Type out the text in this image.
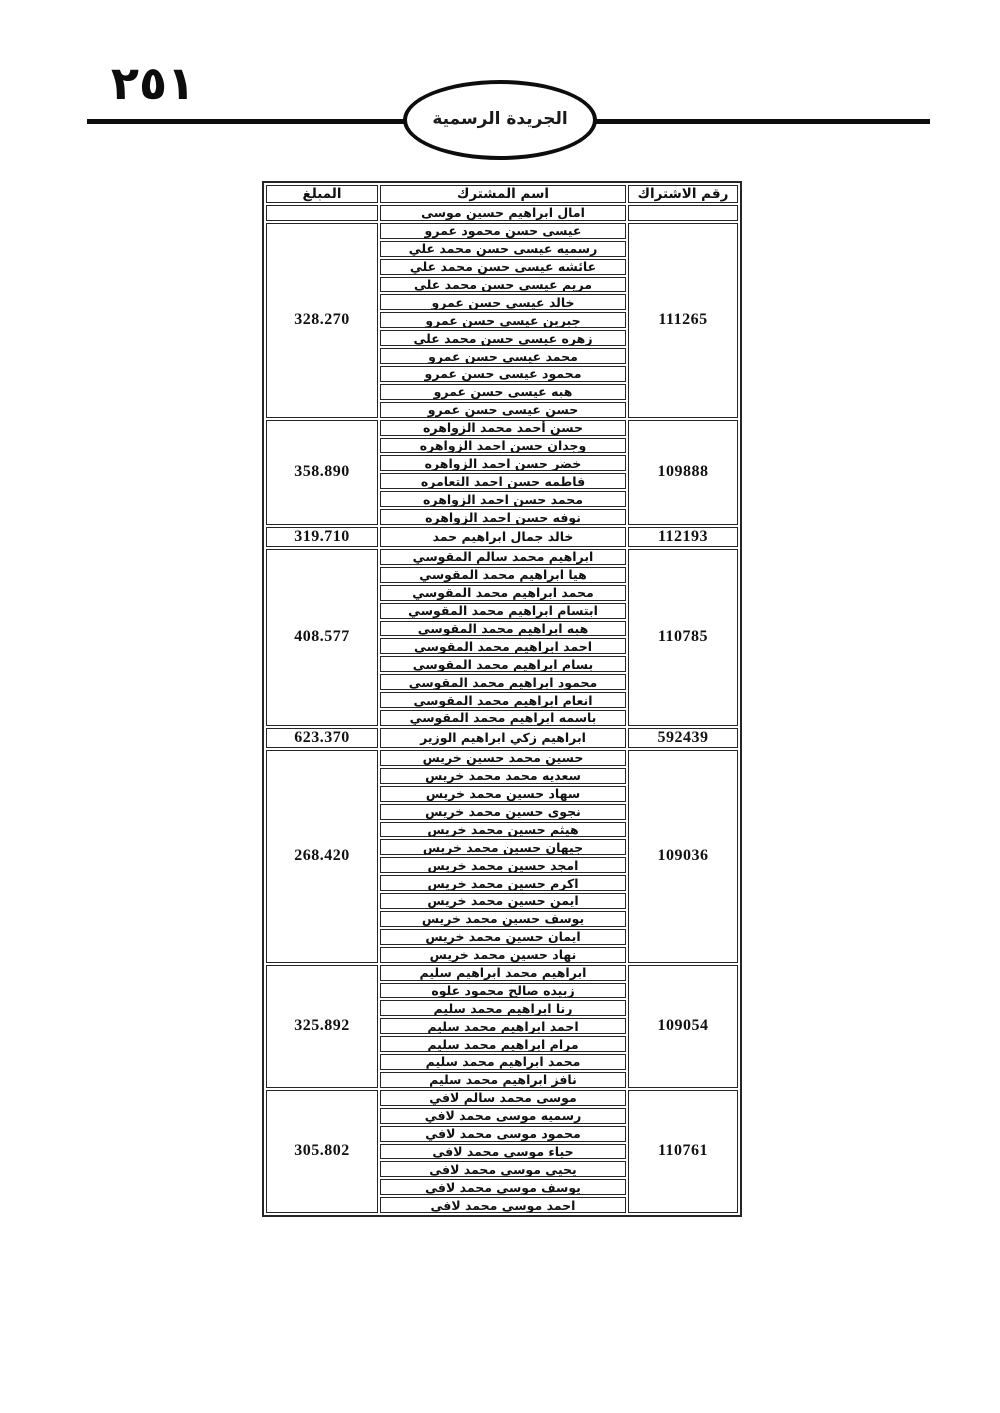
٢٥١
الجريدة الرسمية
رقم الاشتراك	اسم المشترك	المبلغ
	امال ابراهيم حسين موسى	
111265	عيسى حسن محمود عمرو	328.270
	رسميه عيسى حسن محمد علي	
	عائشه عيسى حسن محمد علي	
	مريم عيسى حسن محمد علي	
	خالد عيسى حسن عمرو	
	جبرين عيسى حسن عمرو	
	زهره عيسى حسن محمد علي	
	محمد عيسى حسن عمرو	
	محمود عيسى حسن عمرو	
	هبه عيسى حسن عمرو	
	حسن عيسى حسن عمرو	
109888	حسن أحمد محمد الزواهره	358.890
	وجدان حسن احمد الزواهره	
	خضر حسن احمد الزواهره	
	فاطمه حسن احمد التعامره	
	محمد حسن احمد الزواهره	
	نوفه حسن احمد الزواهره	
112193	خالد جمال ابراهيم حمد	319.710
110785	ابراهيم محمد سالم المقوسي	408.577
	هيا ابراهيم محمد المقوسي	
	محمد ابراهيم محمد المقوسي	
	ابتسام ابراهيم محمد المقوسي	
	هبه ابراهيم محمد المقوسي	
	احمد ابراهيم محمد المقوسي	
	بسام ابراهيم محمد المقوسي	
	محمود ابراهيم محمد المقوسي	
	انعام ابراهيم محمد المقوسي	
	باسمه ابراهيم محمد المقوسي	
592439	ابراهيم زكي ابراهيم الوزير	623.370
109036	حسين محمد حسين خريس	268.420
	سعديه محمد محمد خريس	
	سهاد حسين محمد خريس	
	نجوى حسين محمد خريس	
	هيثم حسين محمد خريس	
	جيهان حسين محمد خريس	
	امجد حسين محمد خريس	
	اكرم حسين محمد خريس	
	ايمن حسين محمد خريس	
	يوسف حسين محمد خريس	
	ايمان حسين محمد خريس	
	نهاد حسين محمد خريس	
109054	ابراهيم محمد ابراهيم سليم	325.892
	زبيده صالح محمود علوه	
	رنا ابراهيم محمد سليم	
	احمد ابراهيم محمد سليم	
	مرام ابراهيم محمد سليم	
	محمد ابراهيم محمد سليم	
	نافز ابراهيم محمد سليم	
110761	موسى محمد سالم لافي	305.802
	رسميه موسى محمد لافي	
	محمود موسى محمد لافي	
	حياء موسى محمد لافي	
	يحيى موسى محمد لافي	
	يوسف موسى محمد لافي	
	احمد موسى محمد لافي	
